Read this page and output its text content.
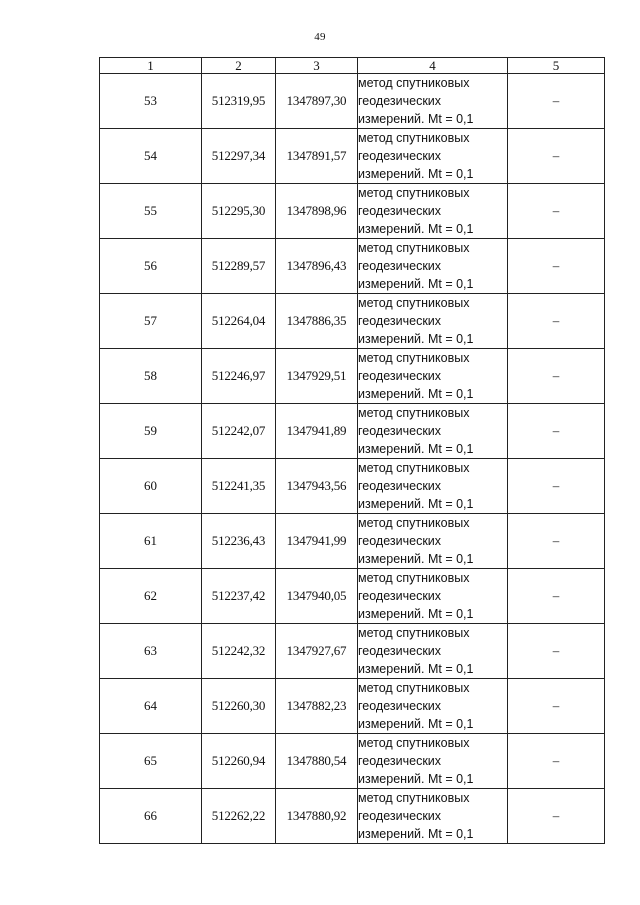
49
1	2	3	4	5
53	512319,95	1347897,30	метод спутниковых
геодезических
измерений. Mt = 0,1	–
54	512297,34	1347891,57	метод спутниковых
геодезических
измерений. Mt = 0,1	–
55	512295,30	1347898,96	метод спутниковых
геодезических
измерений. Mt = 0,1	–
56	512289,57	1347896,43	метод спутниковых
геодезических
измерений. Mt = 0,1	–
57	512264,04	1347886,35	метод спутниковых
геодезических
измерений. Mt = 0,1	–
58	512246,97	1347929,51	метод спутниковых
геодезических
измерений. Mt = 0,1	–
59	512242,07	1347941,89	метод спутниковых
геодезических
измерений. Mt = 0,1	–
60	512241,35	1347943,56	метод спутниковых
геодезических
измерений. Mt = 0,1	–
61	512236,43	1347941,99	метод спутниковых
геодезических
измерений. Mt = 0,1	–
62	512237,42	1347940,05	метод спутниковых
геодезических
измерений. Mt = 0,1	–
63	512242,32	1347927,67	метод спутниковых
геодезических
измерений. Mt = 0,1	–
64	512260,30	1347882,23	метод спутниковых
геодезических
измерений. Mt = 0,1	–
65	512260,94	1347880,54	метод спутниковых
геодезических
измерений. Mt = 0,1	–
66	512262,22	1347880,92	метод спутниковых
геодезических
измерений. Mt = 0,1	–
